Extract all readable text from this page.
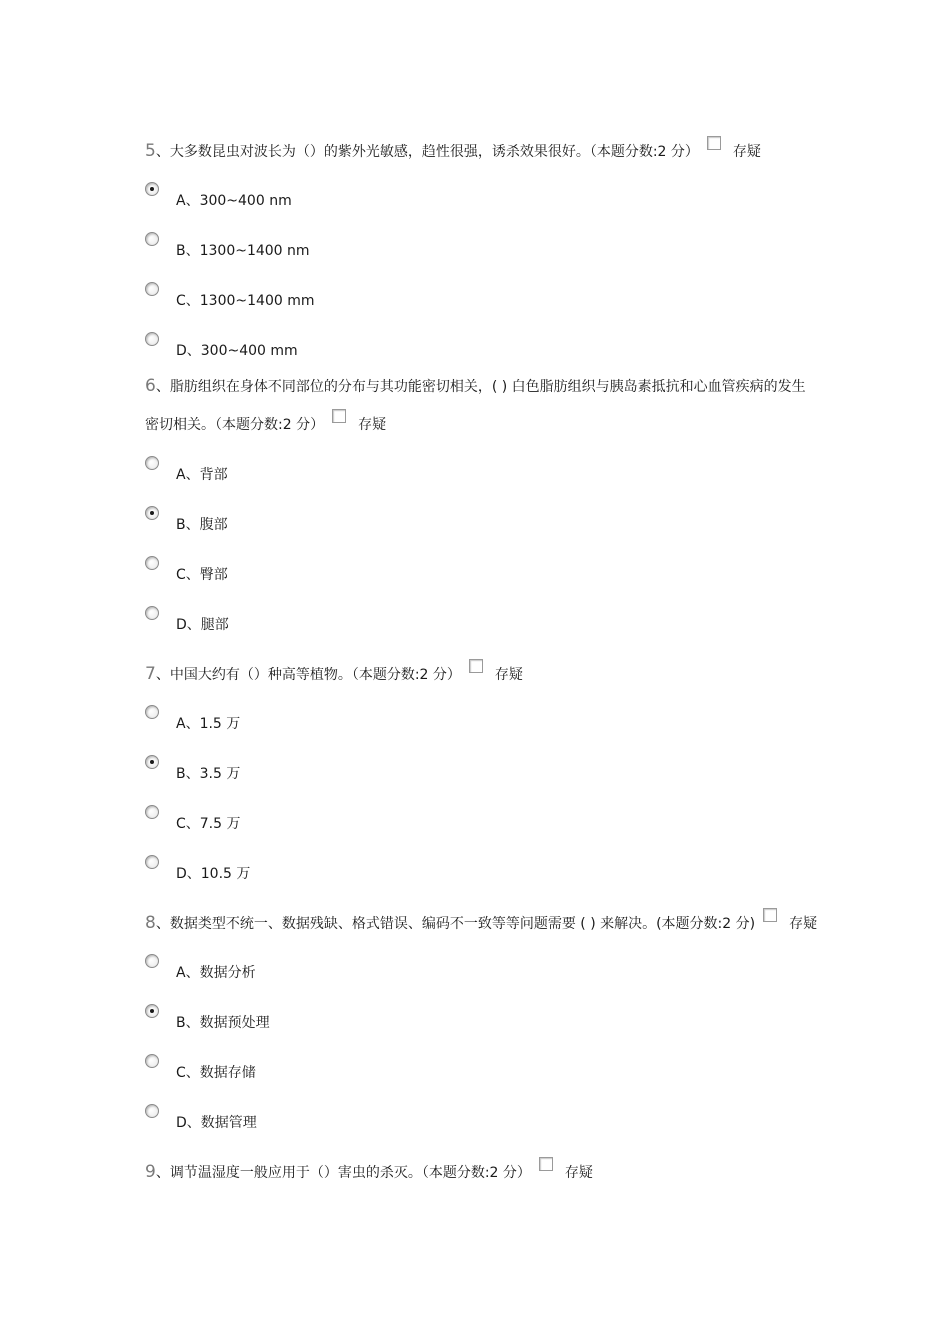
5、大多数昆虫对波长为（）的紫外光敏感，趋性很强，诱杀效果很好。（本题分数:2 分） 存疑
A、300~400 nm
B、1300~1400 nm
C、1300~1400 mm
D、300~400 mm
6、脂肪组织在身体不同部位的分布与其功能密切相关，( ) 白色脂肪组织与胰岛素抵抗和心血管疾病的发生密切相关。（本题分数:2 分） 存疑
A、背部
B、腹部
C、臀部
D、腿部
7、中国大约有（）种高等植物。（本题分数:2 分） 存疑
A、1.5 万
B、3.5 万
C、7.5 万
D、10.5 万
8、数据类型不统一、数据残缺、格式错误、编码不一致等等问题需要 ( ) 来解决。(本题分数:2 分) 存疑
A、数据分析
B、数据预处理
C、数据存储
D、数据管理
9、调节温湿度一般应用于（）害虫的杀灭。（本题分数:2 分） 存疑
